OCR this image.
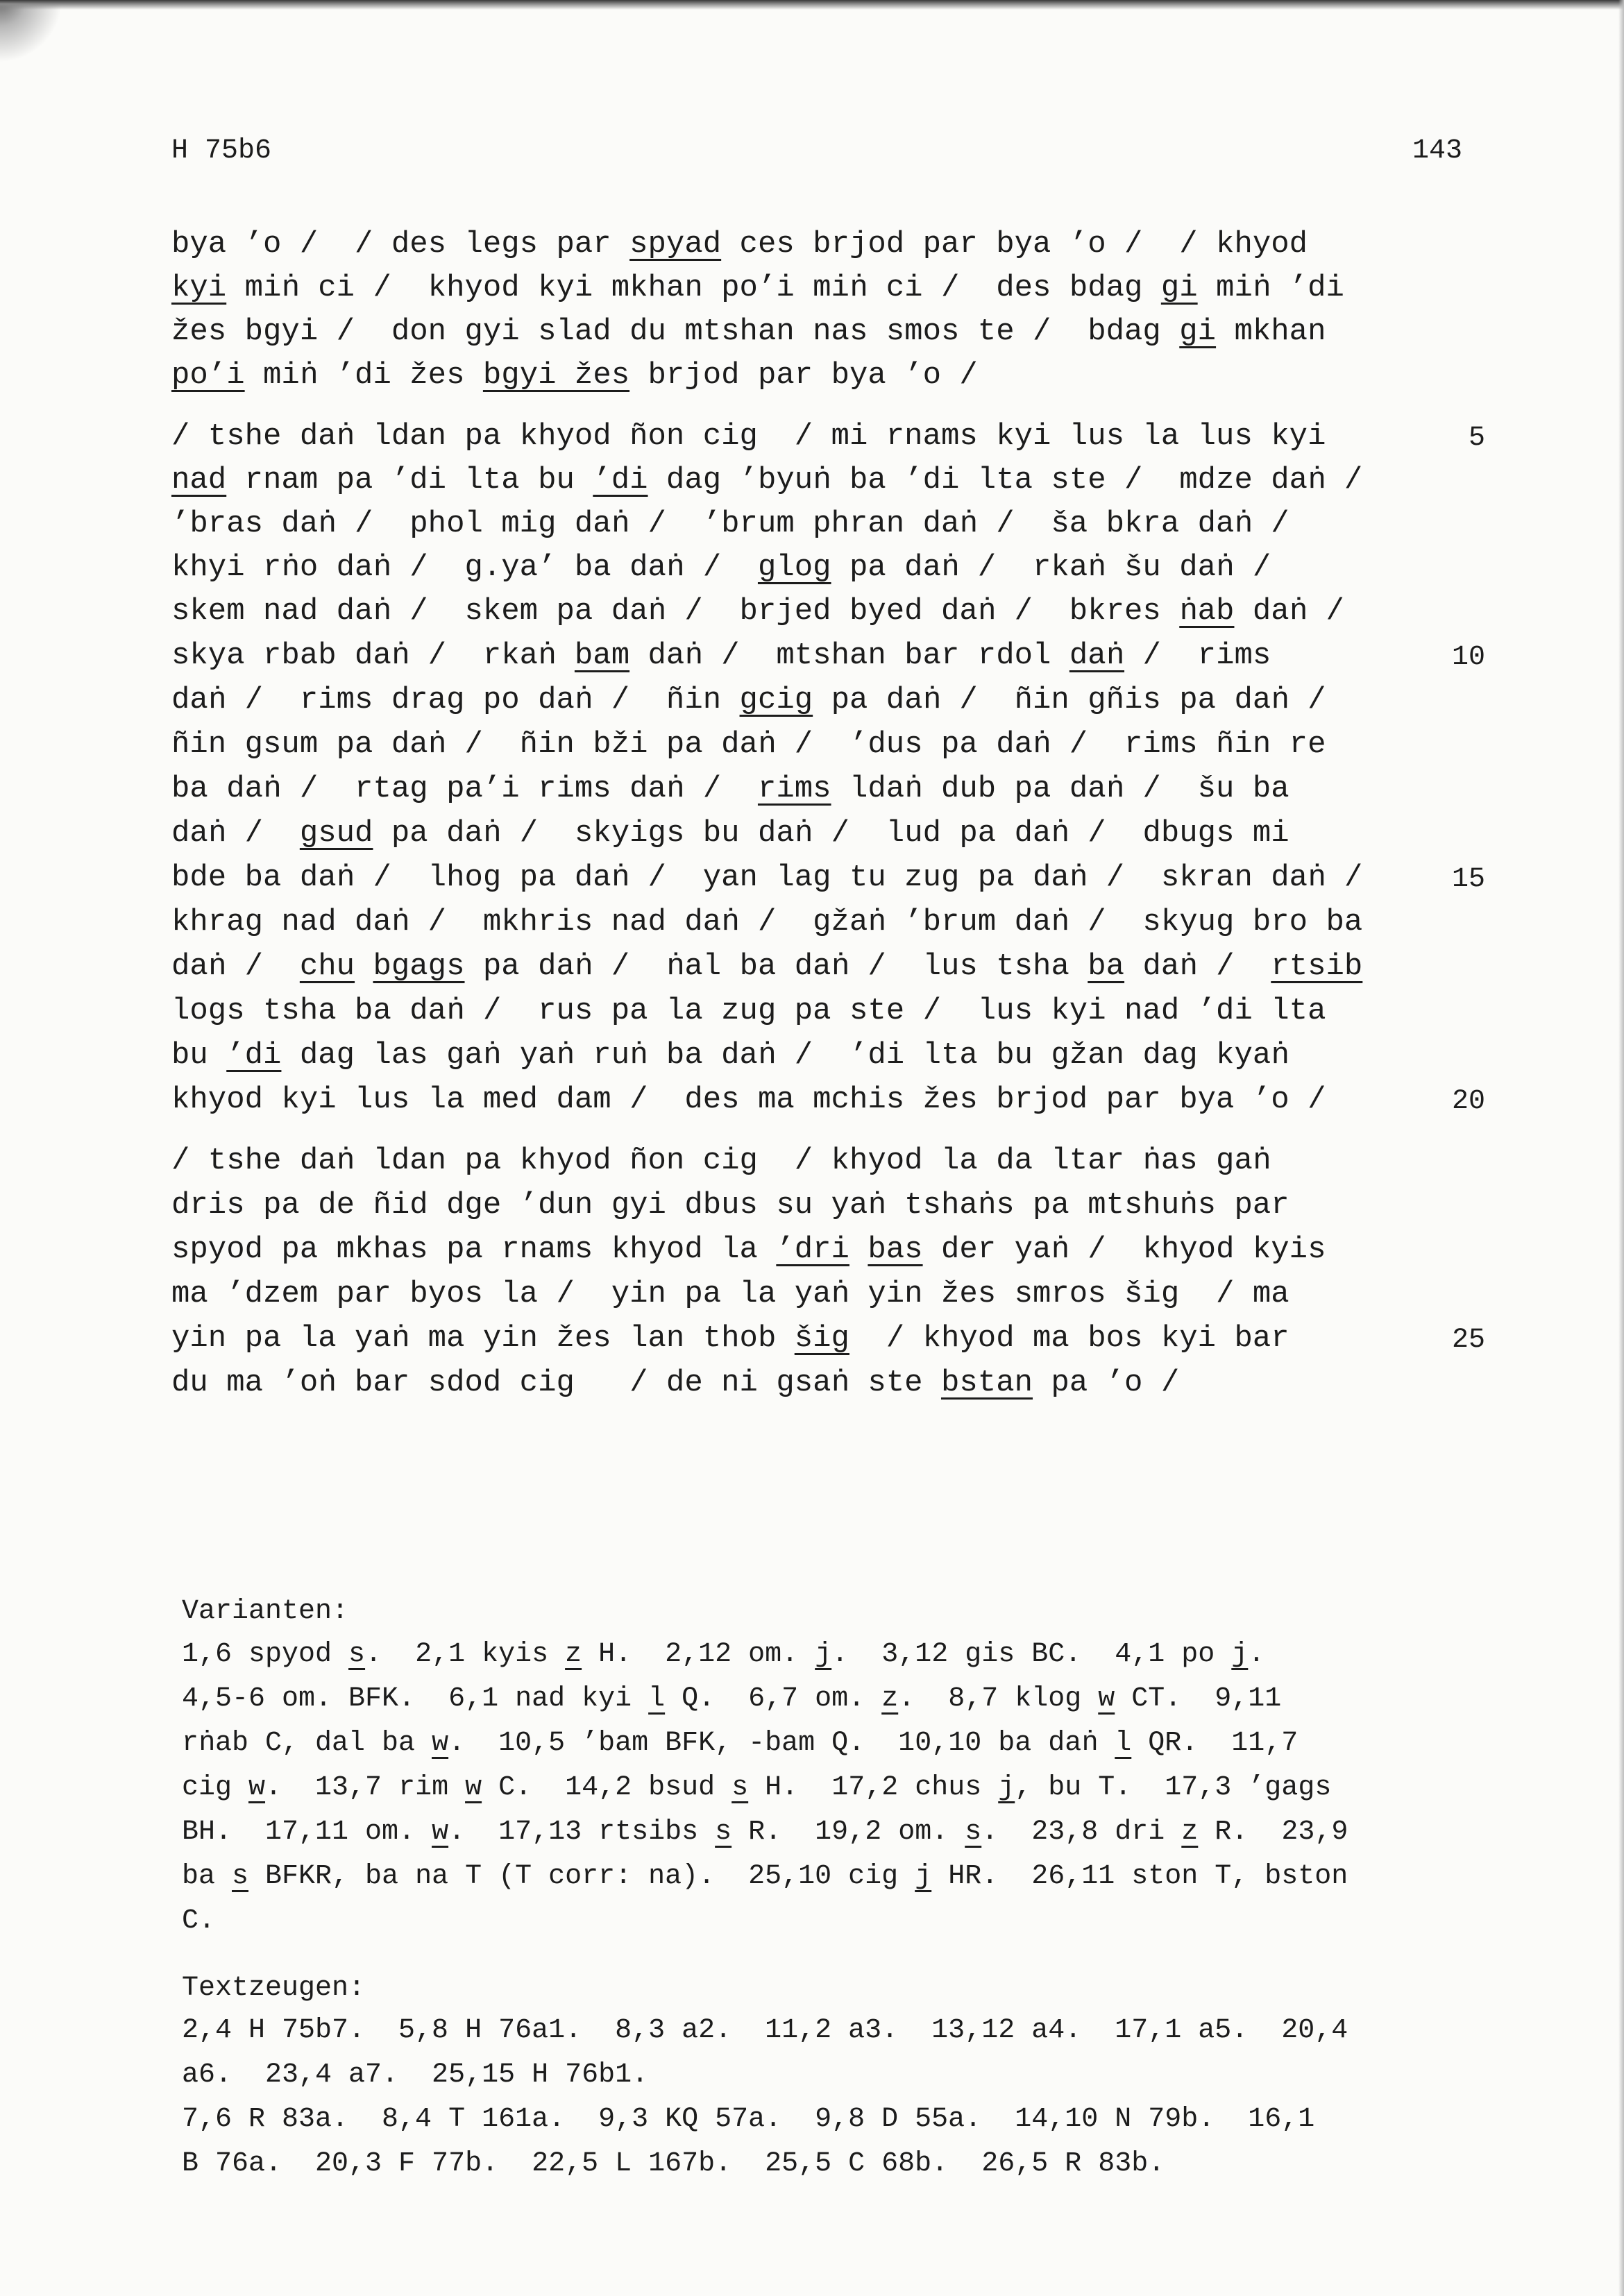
H 75b6	143
bya ’o /  / des legs par spyad ces brjod par bya ’o /  / khyod
kyi miṅ ci /  khyod kyi mkhan po’i miṅ ci /  des bdag gi miṅ ’di
žes bgyi /  don gyi slad du mtshan nas smos te /  bdag gi mkhan
po’i miṅ ’di žes bgyi žes brjod par bya ’o /
/ tshe daṅ ldan pa khyod ñon cig  / mi rnams kyi lus la lus kyi	5
nad rnam pa ’di lta bu ’di dag ’byuṅ ba ’di lta ste /  mdze daṅ /
’bras daṅ /  phol mig daṅ /  ’brum phran daṅ /  ša bkra daṅ /
khyi rṅo daṅ /  g.ya’ ba daṅ /  glog pa daṅ /  rkaṅ šu daṅ /
skem nad daṅ /  skem pa daṅ /  brjed byed daṅ /  bkres ṅab daṅ /
skya rbab daṅ /  rkaṅ bam daṅ /  mtshan bar rdol daṅ /  rims	10
daṅ /  rims drag po daṅ /  ñin gcig pa daṅ /  ñin gñis pa daṅ /
ñin gsum pa daṅ /  ñin bži pa daṅ /  ’dus pa daṅ /  rims ñin re
ba daṅ /  rtag pa’i rims daṅ /  rims ldaṅ dub pa daṅ /  šu ba
daṅ /  gsud pa daṅ /  skyigs bu daṅ /  lud pa daṅ /  dbugs mi
bde ba daṅ /  lhog pa daṅ /  yan lag tu zug pa daṅ /  skran daṅ /	15
khrag nad daṅ /  mkhris nad daṅ /  gžaṅ ’brum daṅ /  skyug bro ba
daṅ /  chu bgags pa daṅ /  ṅal ba daṅ /  lus tsha ba daṅ /  rtsib
logs tsha ba daṅ /  rus pa la zug pa ste /  lus kyi nad ’di lta
bu ’di dag las gaṅ yaṅ ruṅ ba daṅ /  ’di lta bu gžan dag kyaṅ
khyod kyi lus la med dam /  des ma mchis žes brjod par bya ’o /	20
/ tshe daṅ ldan pa khyod ñon cig  / khyod la da ltar ṅas gaṅ
dris pa de ñid dge ’dun gyi dbus su yaṅ tshaṅs pa mtshuṅs par
spyod pa mkhas pa rnams khyod la ’dri bas der yaṅ /  khyod kyis
ma ’dzem par byos la /  yin pa la yaṅ yin žes smros šig  / ma
yin pa la yaṅ ma yin žes lan thob šig  / khyod ma bos kyi bar	25
du ma ’oṅ bar sdod cig   / de ni gsaṅ ste bstan pa ’o /
Varianten:
1,6 spyod s.  2,1 kyis z H.  2,12 om. j.  3,12 gis BC.  4,1 po j.
4,5-6 om. BFK.  6,1 nad kyi l Q.  6,7 om. z.  8,7 klog w CT.  9,11
rṅab C, dal ba w.  10,5 ’bam BFK, -bam Q.  10,10 ba daṅ l QR.  11,7
cig w.  13,7 rim w C.  14,2 bsud s H.  17,2 chus j, bu T.  17,3 ’gags
BH.  17,11 om. w.  17,13 rtsibs s R.  19,2 om. s.  23,8 dri z R.  23,9
ba s BFKR, ba na T (T corr: na).  25,10 cig j HR.  26,11 ston T, bston
C.
Textzeugen:
2,4 H 75b7.  5,8 H 76a1.  8,3 a2.  11,2 a3.  13,12 a4.  17,1 a5.  20,4
a6.  23,4 a7.  25,15 H 76b1.
7,6 R 83a.  8,4 T 161a.  9,3 KQ 57a.  9,8 D 55a.  14,10 N 79b.  16,1
B 76a.  20,3 F 77b.  22,5 L 167b.  25,5 C 68b.  26,5 R 83b.
